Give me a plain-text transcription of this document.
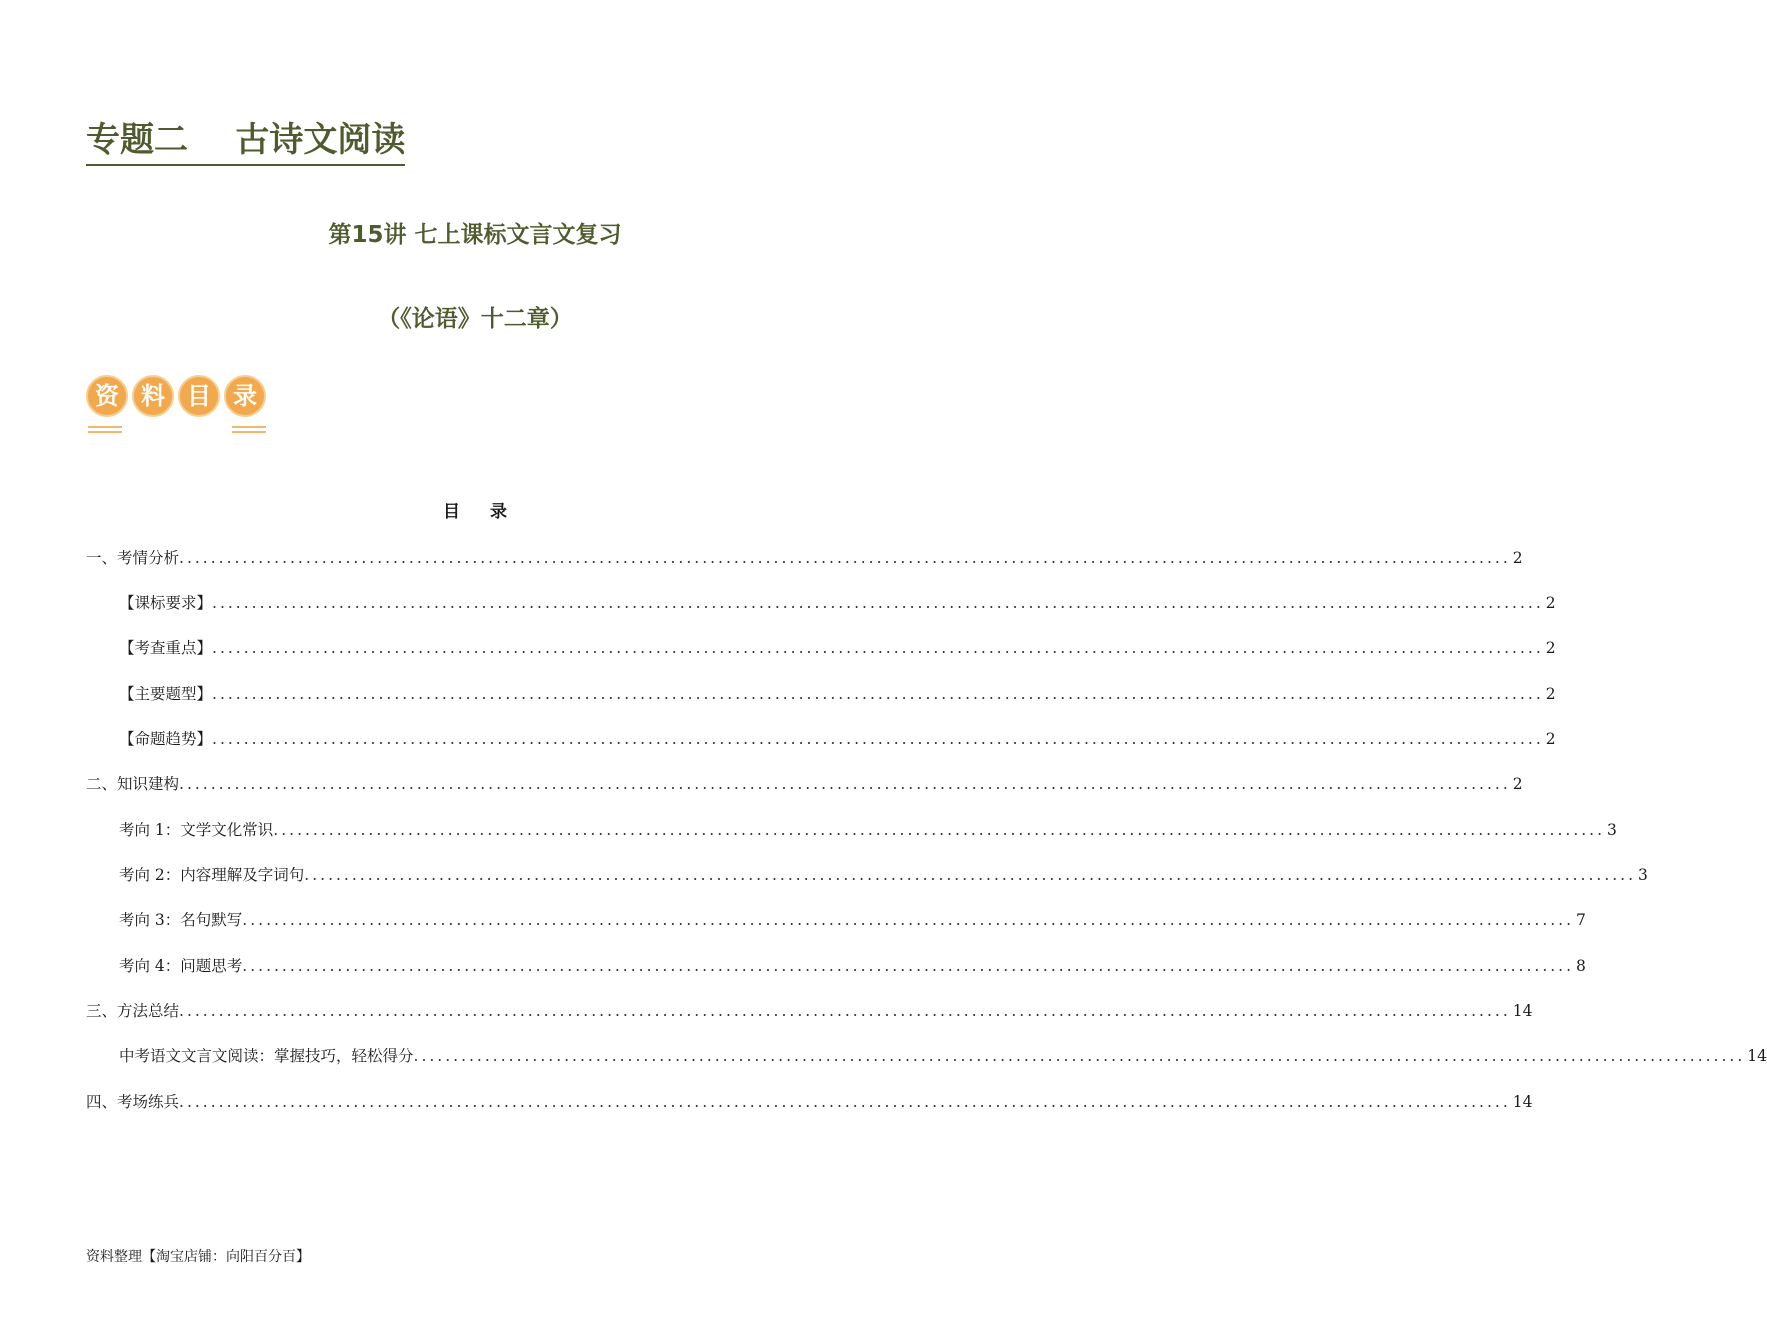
专题二    古诗文阅读
第15讲 七上课标文言文复习
（《论语》十二章）
资 料 目 录
目录
一、考情分析 ........................................................................................................................................................................ 2
【课标要求】 ........................................................................................................................................................................ 2
【考查重点】 ........................................................................................................................................................................ 2
【主要题型】 ........................................................................................................................................................................ 2
【命题趋势】 ........................................................................................................................................................................ 2
二、知识建构 ........................................................................................................................................................................ 2
考向 1：文学文化常识 ........................................................................................................................................................................ 3
考向 2：内容理解及字词句 ........................................................................................................................................................................ 3
考向 3：名句默写 ........................................................................................................................................................................ 7
考向 4：问题思考 ........................................................................................................................................................................ 8
三、方法总结 ........................................................................................................................................................................ 14
中考语文文言文阅读：掌握技巧，轻松得分 ........................................................................................................................................................................ 14
四、考场练兵 ........................................................................................................................................................................ 14
资料整理【淘宝店铺：向阳百分百】
